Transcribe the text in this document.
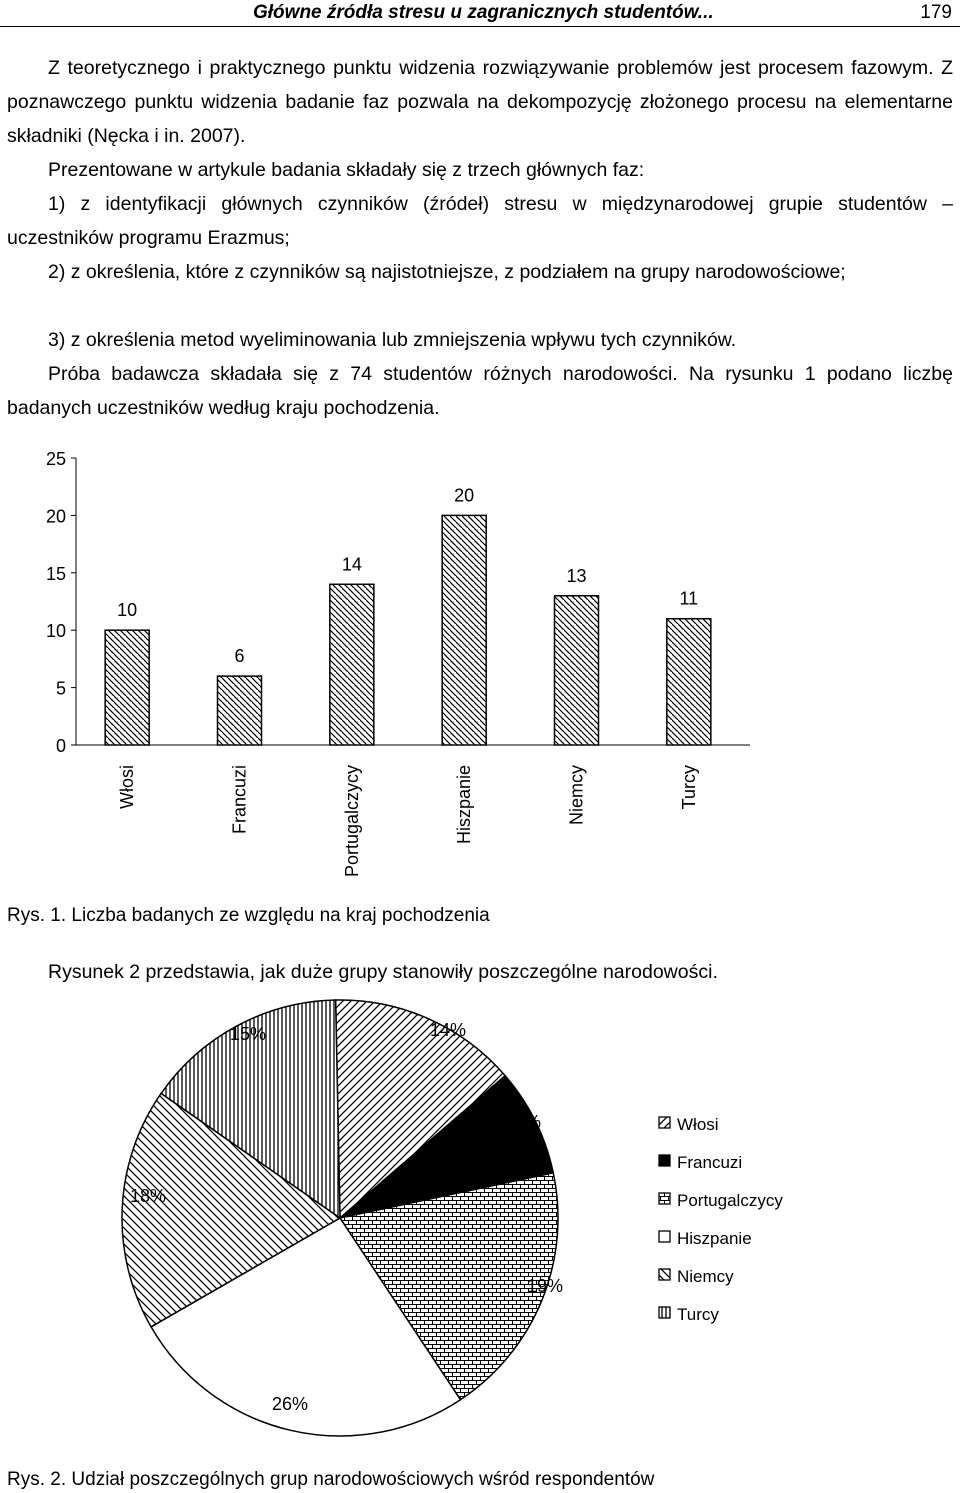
Główne źródła stresu u zagranicznych studentów...	179
Z teoretycznego i praktycznego punktu widzenia rozwiązywanie problemów jest procesem fazowym. Z poznawczego punktu widzenia badanie faz pozwala na dekompozycję złożonego procesu na elementarne składniki (Nęcka i in. 2007).
Prezentowane w artykule badania składały się z trzech głównych faz:
1) z identyfikacji głównych czynników (źródeł) stresu w międzynarodowej grupie studentów – uczestników programu Erazmus;
2) z określenia, które z czynników są najistotniejsze, z podziałem na grupy narodowościowe;
3) z określenia metod wyeliminowania lub zmniejszenia wpływu tych czynników.
Próba badawcza składała się z 74 studentów różnych narodowości. Na rysunku 1 podano liczbę badanych uczestników według kraju pochodzenia.
0
5
10
15
20
25
10
Włosi
6
Francuzi
14
Portugalczycy
20
Hiszpanie
13
Niemcy
11
Turcy
Rys. 1. Liczba badanych ze względu na kraj pochodzenia
Rysunek 2 przedstawia, jak duże grupy stanowiły poszczególne narodowości.
14%
8%
19%
26%
18%
15%
Włosi
Francuzi
Portugalczycy
Hiszpanie
Niemcy
Turcy
Rys. 2. Udział poszczególnych grup narodowościowych wśród respondentów
